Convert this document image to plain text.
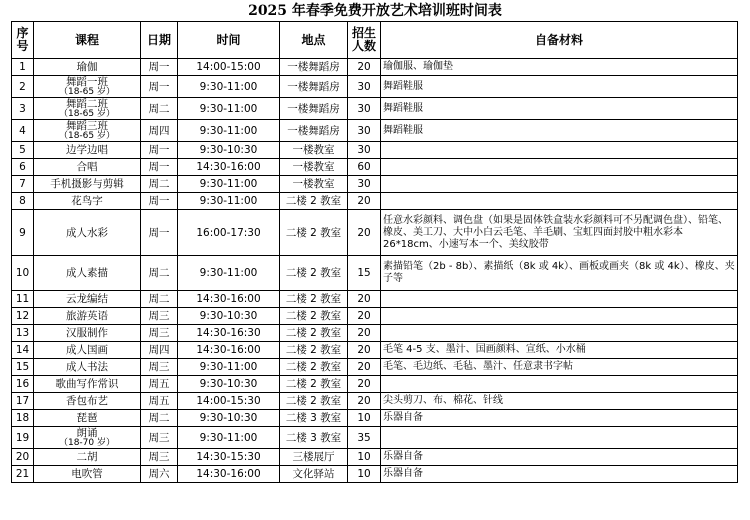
2025 年春季免费开放艺术培训班时间表
序号	课程	日期	时间	地点	招生人数	自备材料
1	瑜伽	周一	14:00-15:00	一楼舞蹈房	20	瑜伽服、瑜伽垫
2	舞蹈一班
（18-65 岁）	周一	9:30-11:00	一楼舞蹈房	30	舞蹈鞋服
3	舞蹈二班
（18-65 岁）	周二	9:30-11:00	一楼舞蹈房	30	舞蹈鞋服
4	舞蹈三班
（18-65 岁）	周四	9:30-11:00	一楼舞蹈房	30	舞蹈鞋服
5	边学边唱	周一	9:30-10:30	一楼教室	30	
6	合唱	周一	14:30-16:00	一楼教室	60	
7	手机摄影与剪辑	周二	9:30-11:00	一楼教室	30	
8	花鸟字	周一	9:30-11:00	二楼 2 教室	20	
9	成人水彩	周一	16:00-17:30	二楼 2 教室	20	任意水彩颜料、调色盘（如果是固体铁盒装水彩颜料可不另配调色盘）、铅笔、橡皮、美工刀、大中小白云毛笔、羊毛刷、宝虹四面封胶中粗水彩本 26*18cm、小速写本一个、美纹胶带
10	成人素描	周二	9:30-11:00	二楼 2 教室	15	素描铅笔（2b - 8b）、素描纸（8k 或 4k）、画板或画夹（8k 或 4k）、橡皮、夹子等
11	云龙编结	周二	14:30-16:00	二楼 2 教室	20	
12	旅游英语	周三	9:30-10:30	二楼 2 教室	20	
13	汉服制作	周三	14:30-16:30	二楼 2 教室	20	
14	成人国画	周四	14:30-16:00	二楼 2 教室	20	毛笔 4-5 支、墨汁、国画颜料、宣纸、小水桶
15	成人书法	周三	9:30-11:00	二楼 2 教室	20	毛笔、毛边纸、毛毡、墨汁、任意隶书字帖
16	歌曲写作常识	周五	9:30-10:30	二楼 2 教室	20	
17	香包布艺	周五	14:00-15:30	二楼 2 教室	20	尖头剪刀、布、棉花、针线
18	琵琶	周二	9:30-10:30	二楼 3 教室	10	乐器自备
19	朗诵
（18-70 岁）	周三	9:30-11:00	二楼 3 教室	35	
20	二胡	周三	14:30-15:30	三楼展厅	10	乐器自备
21	电吹管	周六	14:30-16:00	文化驿站	10	乐器自备
